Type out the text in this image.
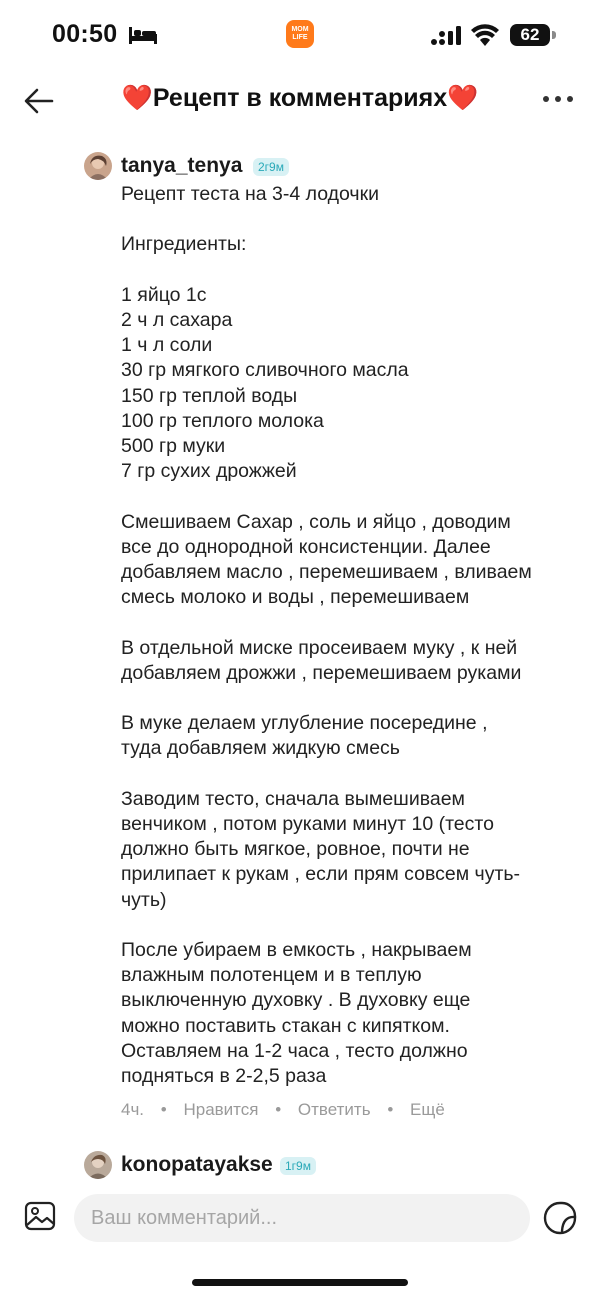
00:50	MOM
LIFE	62
❤️Рецепт в комментариях❤️
tanya_tenya	2г9м

Рецепт теста на 3-4 лодочки

Ингредиенты:

1 яйцо 1с

2 ч л сахара

1 ч л соли

30 гр мягкого сливочного масла

150 гр теплой воды

100 гр теплого молока

500 гр муки

7 гр сухих дрожжей

Смешиваем Сахар , соль и яйцо , доводим

все до однородной консистенции. Далее

добавляем масло , перемешиваем , вливаем

смесь молоко и воды , перемешиваем

В отдельной миске просеиваем муку , к ней

добавляем дрожжи , перемешиваем руками

В муке делаем углубление посередине ,

туда добавляем жидкую смесь

Заводим тесто, сначала вымешиваем

венчиком , потом руками минут 10 (тесто

должно быть мягкое, ровное, почти не

прилипает к рукам , если прям совсем чуть-

чуть)

После убираем в емкость , накрываем

влажным полотенцем и в теплую

выключенную духовку . В духовку еще

можно поставить стакан с кипятком.

Оставляем на 1-2 часа , тесто должно

подняться в 2-2,5 раза

4ч. • Нравится • Ответить • Ещё
konopatayakse	1г9м
Ваш комментарий...
